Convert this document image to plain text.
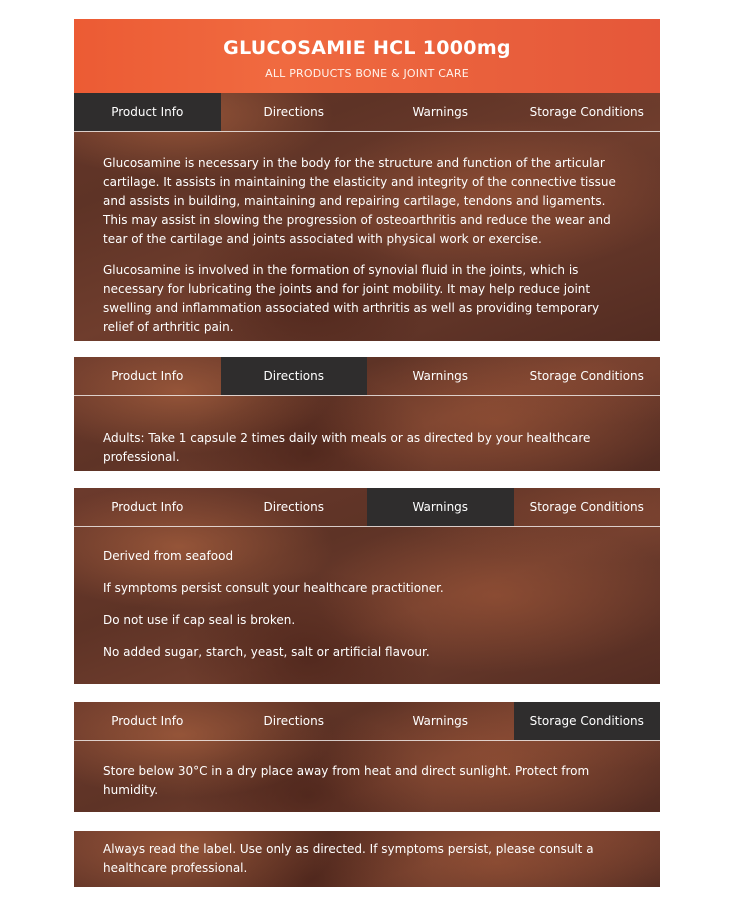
GLUCOSAMIE HCL 1000mg
ALL PRODUCTS BONE & JOINT CARE
Product Info	Directions	Warnings	Storage Conditions

Glucosamine is necessary in the body for the structure and function of the articular cartilage. It assists in maintaining the elasticity and integrity of the connective tissue and assists in building, maintaining and repairing cartilage, tendons and ligaments. This may assist in slowing the progression of osteoarthritis and reduce the wear and tear of the cartilage and joints associated with physical work or exercise.

Glucosamine is involved in the formation of synovial fluid in the joints, which is necessary for lubricating the joints and for joint mobility. It may help reduce joint swelling and inflammation associated with arthritis as well as providing temporary relief of arthritic pain.

Product Info	Directions	Warnings	Storage Conditions

Adults: Take 1 capsule 2 times daily with meals or as directed by your healthcare professional.

Product Info	Directions	Warnings	Storage Conditions

Derived from seafood

If symptoms persist consult your healthcare practitioner.

Do not use if cap seal is broken.

No added sugar, starch, yeast, salt or artificial flavour.

Product Info	Directions	Warnings	Storage Conditions

Store below 30°C in a dry place away from heat and direct sunlight. Protect from humidity.

Always read the label. Use only as directed. If symptoms persist, please consult a healthcare professional.
